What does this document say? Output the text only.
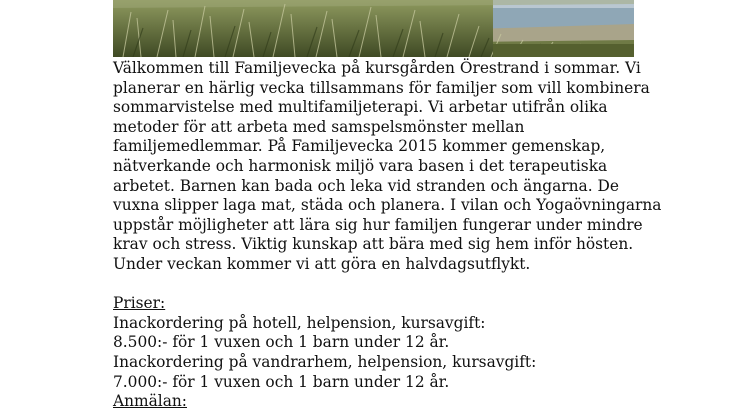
Välkommen till Familjevecka på kursgården Örestrand i sommar. Vi
planerar en härlig vecka tillsammans för familjer som vill kombinera
sommarvistelse med multifamiljeterapi. Vi arbetar utifrån olika
metoder för att arbeta med samspelsmönster mellan
familjemedlemmar. På Familjevecka 2015 kommer gemenskap,
nätverkande och harmonisk miljö vara basen i det terapeutiska
arbetet. Barnen kan bada och leka vid stranden och ängarna. De
vuxna slipper laga mat, städa och planera. I vilan och Yogaövningarna
uppstår möjligheter att lära sig hur familjen fungerar under mindre
krav och stress. Viktig kunskap att bära med sig hem inför hösten.
Under veckan kommer vi att göra en halvdagsutflykt.
Priser:
Inackordering på hotell, helpension, kursavgift:
8.500:- för 1 vuxen och 1 barn under 12 år.
Inackordering på vandrarhem, helpension, kursavgift:
7.000:- för 1 vuxen och 1 barn under 12 år.
Anmälan:
